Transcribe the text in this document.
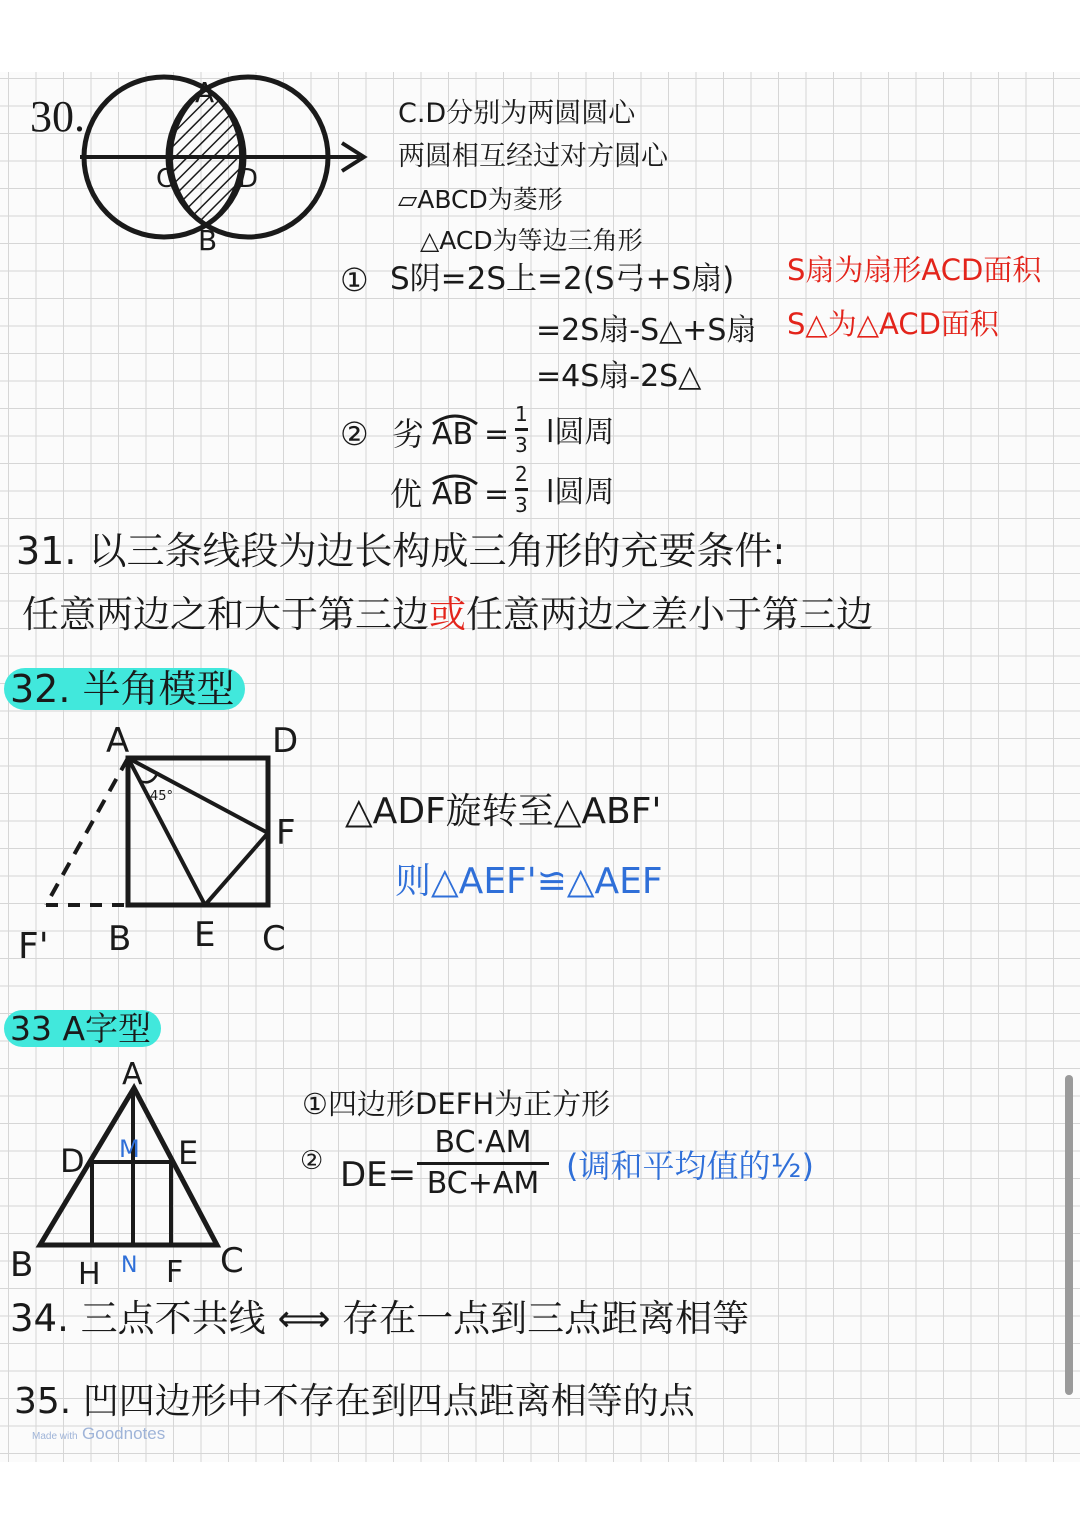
30.	A
B
C D
C.D分别为两圆圆心
两圆相互经过对方圆心
▱ABCD为菱形
△ACD为等边三角形
① S阴=2S上=2(S弓+S扇)
=2S扇-S△+S扇
=4S扇-2S△
S扇为扇形ACD面积
S△为△ACD面积
② 劣 AB =
1
3 l圆周
优 AB =
2
3 l圆周
31. 以三条线段为边长构成三角形的充要条件:
任意两边之和大于第三边或任意两边之差小于第三边
32. 半角模型
45°
A	D
F
F' B E C
△ADF旋转至△ABF'
则△AEF'≌△AEF
33 A字型
A
D	E
M
B H N F C
①四边形DEFH为正方形
② DE=
BC·AM
BC+AM (调和平均值的½)
34. 三点不共线 ⟺ 存在一点到三点距离相等
35. 凹四边形中不存在到四点距离相等的点
Made with Goodnotes
